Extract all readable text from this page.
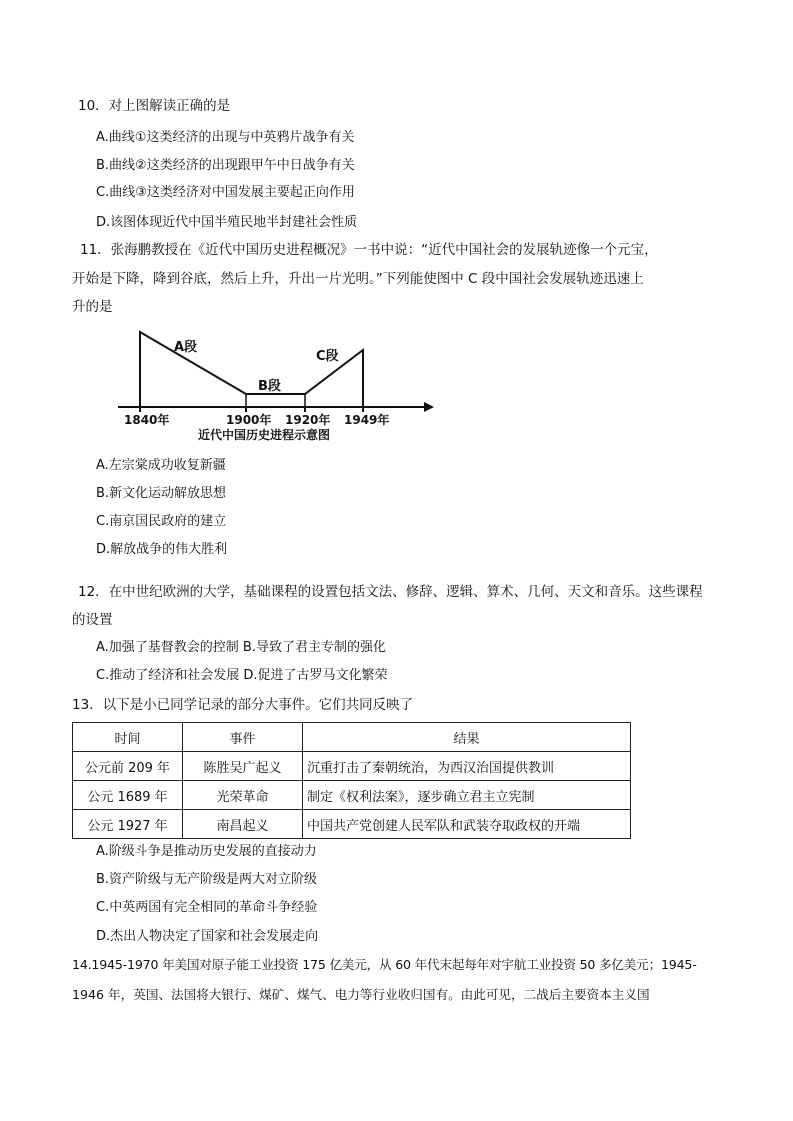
10．对上图解读正确的是
A.曲线①这类经济的出现与中英鸦片战争有关
B.曲线②这类经济的出现跟甲午中日战争有关
C.曲线③这类经济对中国发展主要起正向作用
D.该图体现近代中国半殖民地半封建社会性质
11．张海鹏教授在《近代中国历史进程概况》一书中说：“近代中国社会的发展轨迹像一个元宝，
开始是下降，降到谷底，然后上升，升出一片光明。”下列能使图中 C 段中国社会发展轨迹迅速上
升的是
A段
B段
C段
1840年	1900年 1920年 1949年
近代中国历史进程示意图
A.左宗棠成功收复新疆
B.新文化运动解放思想
C.南京国民政府的建立
D.解放战争的伟大胜利
12．在中世纪欧洲的大学，基础课程的设置包括文法、修辞、逻辑、算术、几何、天文和音乐。这些课程
的设置
A.加强了基督教会的控制 B.导致了君主专制的强化
C.推动了经济和社会发展 D.促进了古罗马文化繁荣
13．以下是小已同学记录的部分大事件。它们共同反映了
时间	事件	结果
公元前 209 年	陈胜吴广起义	沉重打击了秦朝统治，为西汉治国提供教训
公元 1689 年	光荣革命	制定《权利法案》，逐步确立君主立宪制
公元 1927 年	南昌起义	中国共产党创建人民军队和武装夺取政权的开端
A.阶级斗争是推动历史发展的直接动力
B.资产阶级与无产阶级是两大对立阶级
C.中英两国有完全相同的革命斗争经验
D.杰出人物决定了国家和社会发展走向
14.1945-1970 年美国对原子能工业投资 175 亿美元，从 60 年代末起每年对宇航工业投资 50 多亿美元；1945-
1946 年，英国、法国将大银行、煤矿、煤气、电力等行业收归国有。由此可见，二战后主要资本主义国
